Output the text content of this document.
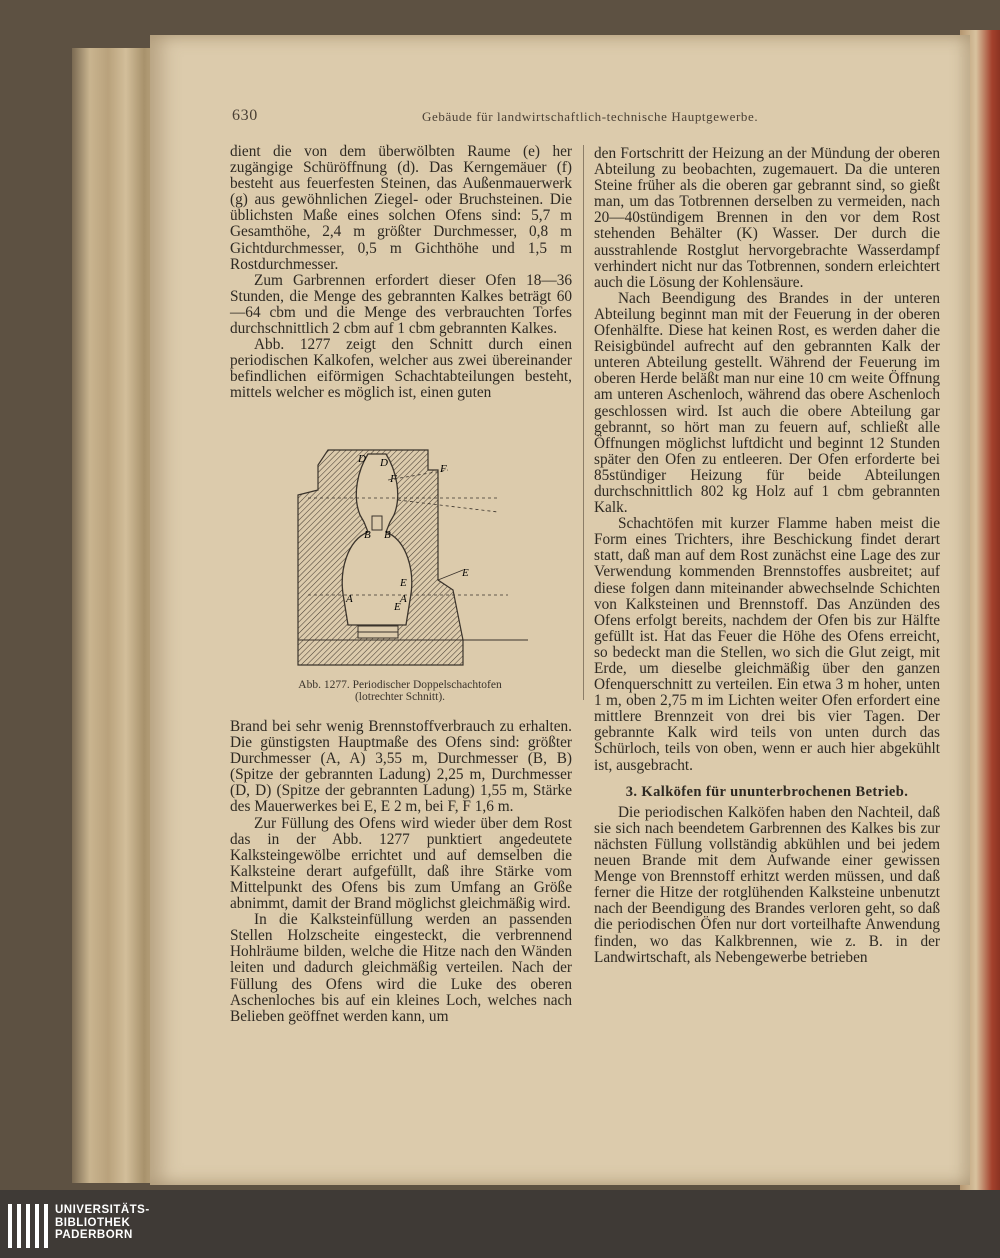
630	Gebäude für landwirtschaftlich-technische Hauptgewerbe.

dient die von dem überwölbten Raume (e) her zugängige Schüröffnung (d). Das Kerngemäuer (f) besteht aus feuerfesten Steinen, das Außenmauerwerk (g) aus gewöhnlichen Ziegel- oder Bruchsteinen. Die üblichsten Maße eines solchen Ofens sind: 5,7 m Gesamthöhe, 2,4 m größter Durchmesser, 0,8 m Gichtdurchmesser, 0,5 m Gichthöhe und 1,5 m Rostdurchmesser.

Zum Garbrennen erfordert dieser Ofen 18—36 Stunden, die Menge des gebrannten Kalkes beträgt 60—64 cbm und die Menge des verbrauchten Torfes durchschnittlich 2 cbm auf 1 cbm gebrannten Kalkes.

Abb. 1277 zeigt den Schnitt durch einen periodischen Kalkofen, welcher aus zwei übereinander befindlichen eiförmigen Schachtabteilungen besteht, mittels welcher es möglich ist, einen guten

D D
F
F
B B
E
E
E
A	A
Abb. 1277. Periodischer Doppelschachtofen
(lotrechter Schnitt).

Brand bei sehr wenig Brennstoffverbrauch zu erhalten. Die günstigsten Hauptmaße des Ofens sind: größter Durchmesser (A, A) 3,55 m, Durchmesser (B, B) (Spitze der gebrannten Ladung) 2,25 m, Durchmesser (D, D) (Spitze der gebrannten Ladung) 1,55 m, Stärke des Mauerwerkes bei E, E 2 m, bei F, F 1,6 m.

Zur Füllung des Ofens wird wieder über dem Rost das in der Abb. 1277 punktiert angedeutete Kalksteingewölbe errichtet und auf demselben die Kalksteine derart aufgefüllt, daß ihre Stärke vom Mittelpunkt des Ofens bis zum Umfang an Größe abnimmt, damit der Brand möglichst gleichmäßig wird.

In die Kalksteinfüllung werden an passenden Stellen Holzscheite eingesteckt, die verbrennend Hohlräume bilden, welche die Hitze nach den Wänden leiten und dadurch gleichmäßig verteilen. Nach der Füllung des Ofens wird die Luke des oberen Aschenloches bis auf ein kleines Loch, welches nach Belieben geöffnet werden kann, um

den Fortschritt der Heizung an der Mündung der oberen Abteilung zu beobachten, zugemauert. Da die unteren Steine früher als die oberen gar gebrannt sind, so gießt man, um das Totbrennen derselben zu vermeiden, nach 20—40stündigem Brennen in den vor dem Rost stehenden Behälter (K) Wasser. Der durch die ausstrahlende Rostglut hervorgebrachte Wasserdampf verhindert nicht nur das Totbrennen, sondern erleichtert auch die Lösung der Kohlensäure.

Nach Beendigung des Brandes in der unteren Abteilung beginnt man mit der Feuerung in der oberen Ofenhälfte. Diese hat keinen Rost, es werden daher die Reisigbündel aufrecht auf den gebrannten Kalk der unteren Abteilung gestellt. Während der Feuerung im oberen Herde beläßt man nur eine 10 cm weite Öffnung am unteren Aschenloch, während das obere Aschenloch geschlossen wird. Ist auch die obere Abteilung gar gebrannt, so hört man zu feuern auf, schließt alle Öffnungen möglichst luftdicht und beginnt 12 Stunden später den Ofen zu entleeren. Der Ofen erforderte bei 85stündiger Heizung für beide Abteilungen durchschnittlich 802 kg Holz auf 1 cbm gebrannten Kalk.

Schachtöfen mit kurzer Flamme haben meist die Form eines Trichters, ihre Beschickung findet derart statt, daß man auf dem Rost zunächst eine Lage des zur Verwendung kommenden Brennstoffes ausbreitet; auf diese folgen dann miteinander abwechselnde Schichten von Kalksteinen und Brennstoff. Das Anzünden des Ofens erfolgt bereits, nachdem der Ofen bis zur Hälfte gefüllt ist. Hat das Feuer die Höhe des Ofens erreicht, so bedeckt man die Stellen, wo sich die Glut zeigt, mit Erde, um dieselbe gleichmäßig über den ganzen Ofenquerschnitt zu verteilen. Ein etwa 3 m hoher, unten 1 m, oben 2,75 m im Lichten weiter Ofen erfordert eine mittlere Brennzeit von drei bis vier Tagen. Der gebrannte Kalk wird teils von unten durch das Schürloch, teils von oben, wenn er auch hier abgekühlt ist, ausgebracht.

3. Kalköfen für ununterbrochenen Betrieb.

Die periodischen Kalköfen haben den Nachteil, daß sie sich nach beendetem Garbrennen des Kalkes bis zur nächsten Füllung vollständig abkühlen und bei jedem neuen Brande mit dem Aufwande einer gewissen Menge von Brennstoff erhitzt werden müssen, und daß ferner die Hitze der rotglühenden Kalksteine unbenutzt nach der Beendigung des Brandes verloren geht, so daß die periodischen Öfen nur dort vorteilhafte Anwendung finden, wo das Kalkbrennen, wie z. B. in der Landwirtschaft, als Nebengewerbe betrieben

UNIVERSITÄTS-
BIBLIOTHEK
PADERBORN
